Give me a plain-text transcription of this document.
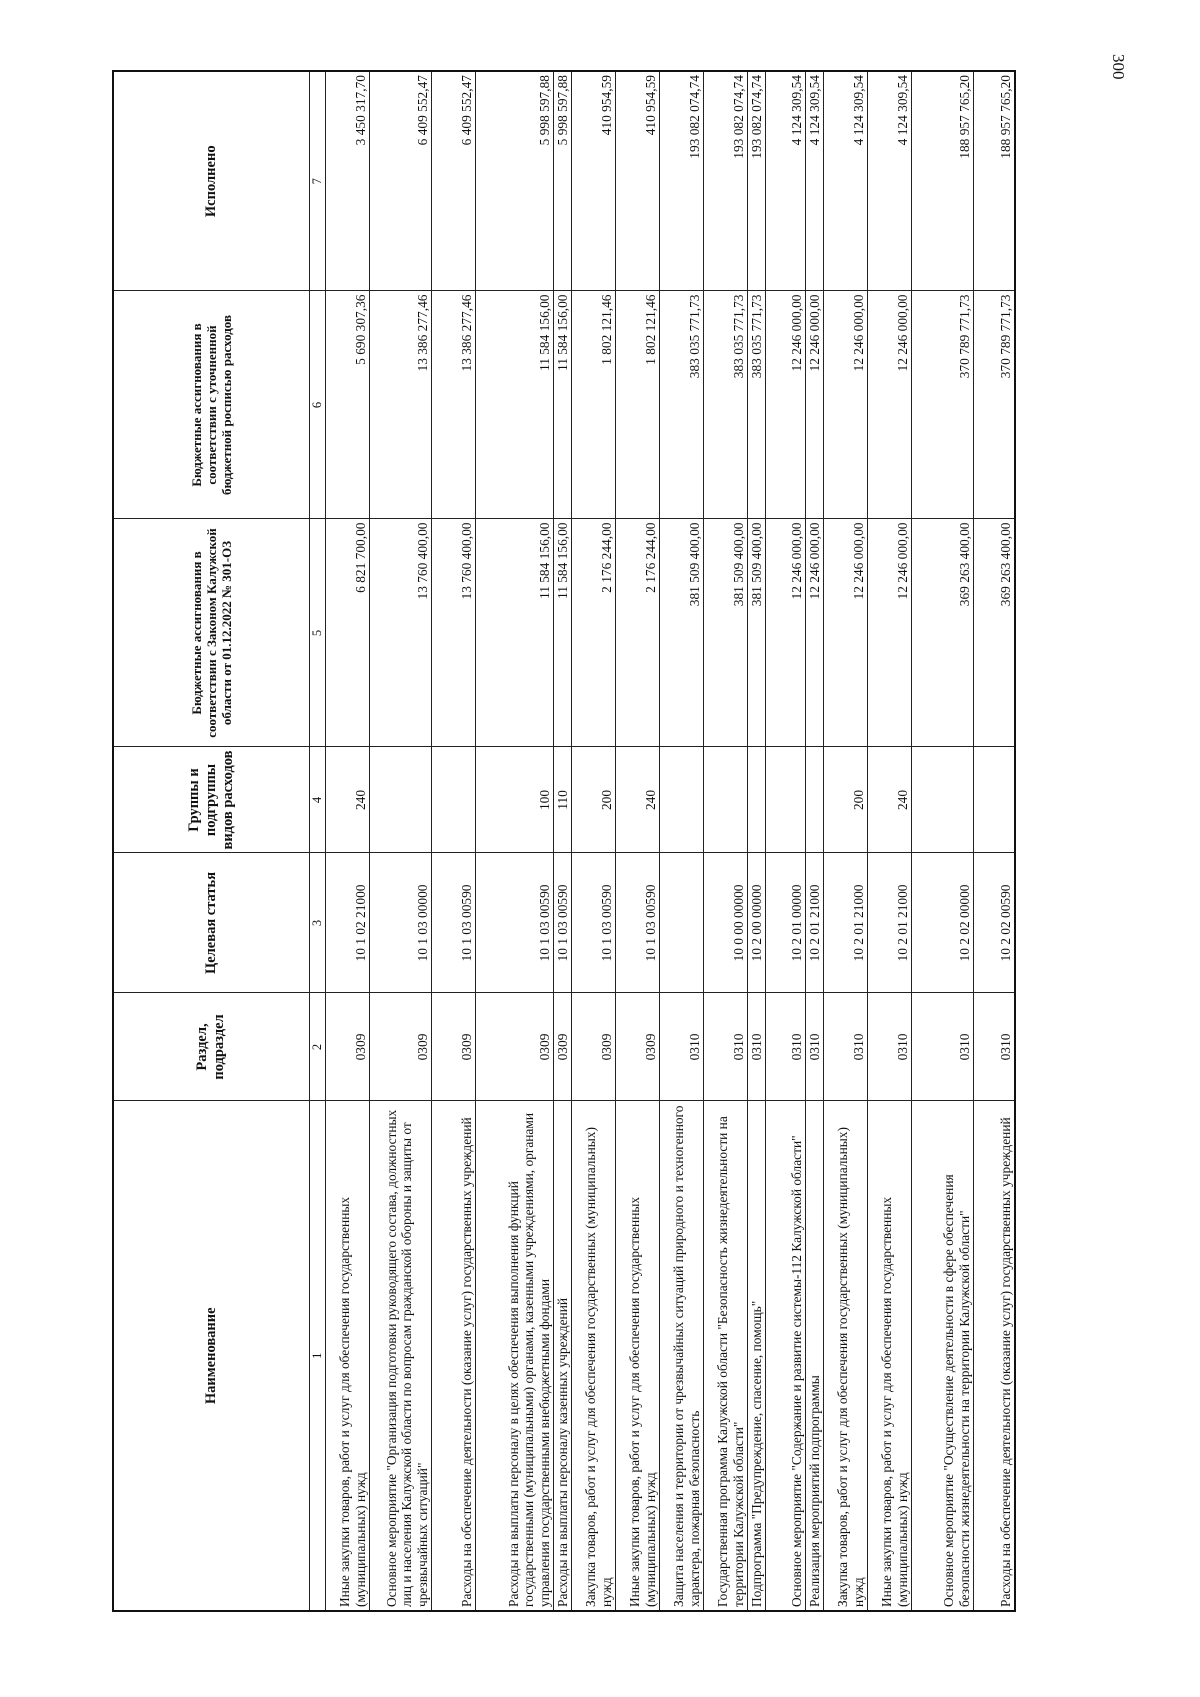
300
Наименование	Раздел, подраздел	Целевая статья	Группы и подгруппы видов расходов	Бюджетные ассигнования в соответствии с Законом Калужской области от 01.12.2022 № 301-ОЗ	Бюджетные ассигнования в соответствии с уточненной бюджетной росписью расходов	Исполнено
1	2	3	4	5	6	7
Иные закупки товаров, работ и услуг для обеспечения государственных (муниципальных) нужд	0309	10 1 02 21000	240	6 821 700,00	5 690 307,36	3 450 317,70
Основное мероприятие "Организация подготовки руководящего состава, должностных лиц и населения Калужской области по вопросам гражданской обороны и защиты от чрезвычайных ситуаций"	0309	10 1 03 00000		13 760 400,00	13 386 277,46	6 409 552,47
Расходы на обеспечение деятельности (оказание услуг) государственных учреждений	0309	10 1 03 00590		13 760 400,00	13 386 277,46	6 409 552,47
Расходы на выплаты персоналу в целях обеспечения выполнения функций государственными (муниципальными) органами, казенными учреждениями, органами управления государственными внебюджетными фондами	0309	10 1 03 00590	100	11 584 156,00	11 584 156,00	5 998 597,88
Расходы на выплаты персоналу казенных учреждений	0309	10 1 03 00590	110	11 584 156,00	11 584 156,00	5 998 597,88
Закупка товаров, работ и услуг для обеспечения государственных (муниципальных) нужд	0309	10 1 03 00590	200	2 176 244,00	1 802 121,46	410 954,59
Иные закупки товаров, работ и услуг для обеспечения государственных (муниципальных) нужд	0309	10 1 03 00590	240	2 176 244,00	1 802 121,46	410 954,59
Защита населения и территории от чрезвычайных ситуаций природного и техногенного характера, пожарная безопасность	0310			381 509 400,00	383 035 771,73	193 082 074,74
Государственная программа Калужской области "Безопасность жизнедеятельности на территории Калужской области"	0310	10 0 00 00000		381 509 400,00	383 035 771,73	193 082 074,74
Подпрограмма "Предупреждение, спасение, помощь"	0310	10 2 00 00000		381 509 400,00	383 035 771,73	193 082 074,74
Основное мероприятие "Содержание и развитие системы-112 Калужской области"	0310	10 2 01 00000		12 246 000,00	12 246 000,00	4 124 309,54
Реализация мероприятий подпрограммы	0310	10 2 01 21000		12 246 000,00	12 246 000,00	4 124 309,54
Закупка товаров, работ и услуг для обеспечения государственных (муниципальных) нужд	0310	10 2 01 21000	200	12 246 000,00	12 246 000,00	4 124 309,54
Иные закупки товаров, работ и услуг для обеспечения государственных (муниципальных) нужд	0310	10 2 01 21000	240	12 246 000,00	12 246 000,00	4 124 309,54
Основное мероприятие "Осуществление деятельности в сфере обеспечения безопасности жизнедеятельности на территории Калужской области"	0310	10 2 02 00000		369 263 400,00	370 789 771,73	188 957 765,20
Расходы на обеспечение деятельности (оказание услуг) государственных учреждений	0310	10 2 02 00590		369 263 400,00	370 789 771,73	188 957 765,20
